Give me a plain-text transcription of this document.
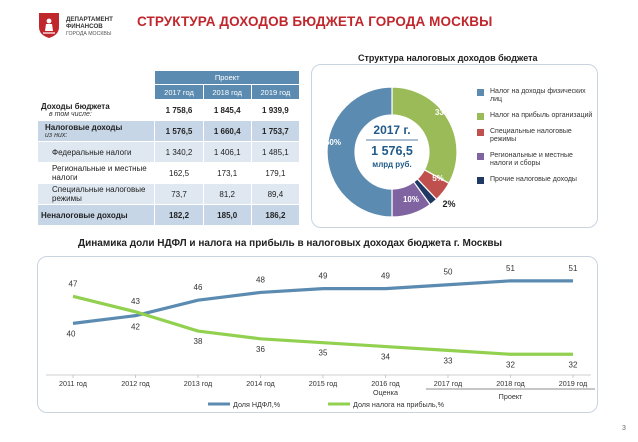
ДЕПАРТАМЕНТ
ФИНАНСОВ
ГОРОДА МОСКВЫ
СТРУКТУРА ДОХОДОВ БЮДЖЕТА ГОРОДА МОСКВЫ
	Проект		
	2017 год	2018 год	2019 год
Доходы бюджета
в том числе:	1 758,6	1 845,4	1 939,9
Налоговые доходы
из них:	1 576,5	1 660,4	1 753,7
Федеральные налоги	1 340,2	1 406,1	1 485,1
Региональные и местные налоги	162,5	173,1	179,1
Специальные налоговые режимы	73,7	81,2	89,4
Неналоговые доходы	182,2	185,0	186,2
Структура налоговых доходов бюджета
50%
33%
5%
10%	2%
2017 г.
1 576,5
млрд руб.
Налог на доходы физических лиц
Налог на прибыль организаций
Специальные налоговые режимы
Региональные и местные налоги и сборы
Прочие налоговые доходы
Динамика доли НДФЛ и налога на прибыль в налоговых доходах бюджета г. Москвы
2011 год	2012 год	2013 год	2014 год	2015 год	2016 год	2017 год	2018 год	2019 год
Оценка	Проект
40
42
46
48	49	49	50	51	51
47
43
38
36	35	34	33	32	32
Доля НДФЛ,%	Доля налога на прибыль,%
3
